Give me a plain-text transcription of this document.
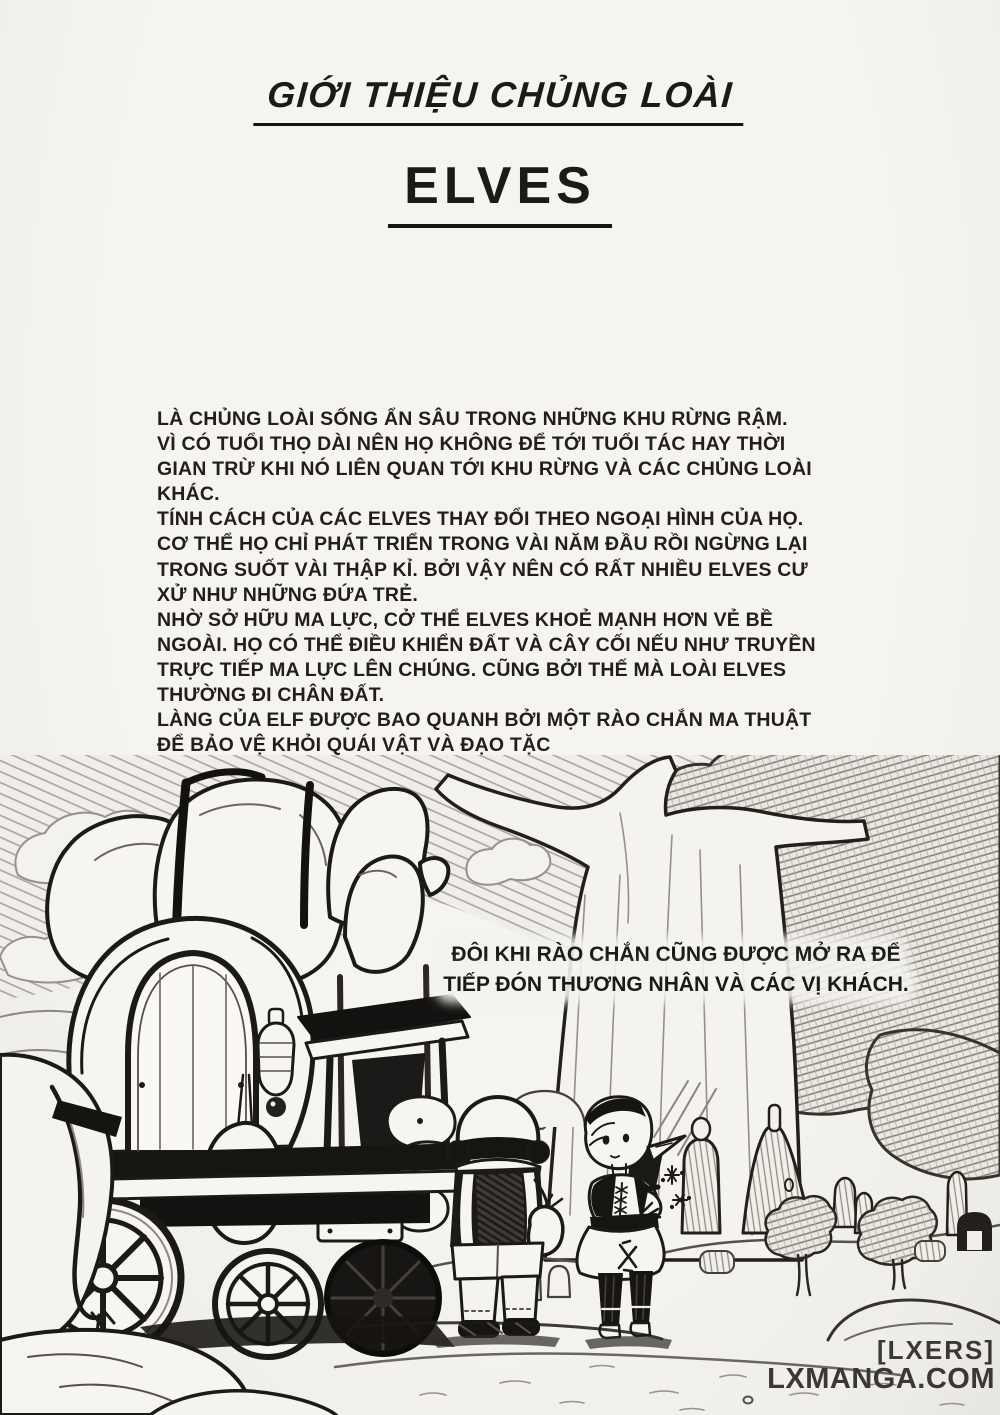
GIỚI THIỆU CHỦNG LOÀI
ELVES
LÀ CHỦNG LOÀI SỐNG ẨN SÂU TRONG NHỮNG KHU RỪNG RẬM.
VÌ CÓ TUỔI THỌ DÀI NÊN HỌ KHÔNG ĐỂ TỚI TUỔI TÁC HAY THỜI
GIAN TRỪ KHI NÓ LIÊN QUAN TỚI KHU RỪNG VÀ CÁC CHỦNG LOÀI
KHÁC.
TÍNH CÁCH CỦA CÁC ELVES THAY ĐỔI THEO NGOẠI HÌNH CỦA HỌ.
CƠ THỂ HỌ CHỈ PHÁT TRIỂN TRONG VÀI NĂM ĐẦU RỒI NGỪNG LẠI
TRONG SUỐT VÀI THẬP KỈ. BỞI VẬY NÊN CÓ RẤT NHIỀU ELVES CƯ
XỬ NHƯ NHỮNG ĐỨA TRẺ.
NHỜ SỞ HỮU MA LỰC, CỞ THỂ ELVES KHOẺ MẠNH HƠN VẺ BỀ
NGOÀI. HỌ CÓ THỂ ĐIỀU KHIỂN ĐẤT VÀ CÂY CỐI NẾU NHƯ TRUYỀN
TRỰC TIẾP MA LỰC LÊN CHÚNG. CŨNG BỞI THẾ MÀ LOÀI ELVES
THƯỜNG ĐI CHÂN ĐẤT.
LÀNG CỦA ELF ĐƯỢC BAO QUANH BỞI MỘT RÀO CHẮN MA THUẬT
ĐỂ BẢO VỆ KHỎI QUÁI VẬT VÀ ĐẠO TẶC
ĐÔI KHI RÀO CHẮN CŨNG ĐƯỢC MỞ RA ĐỂ
TIẾP ĐÓN THƯƠNG NHÂN VÀ CÁC VỊ KHÁCH.
[LXERS]
LXMANGA.COM
